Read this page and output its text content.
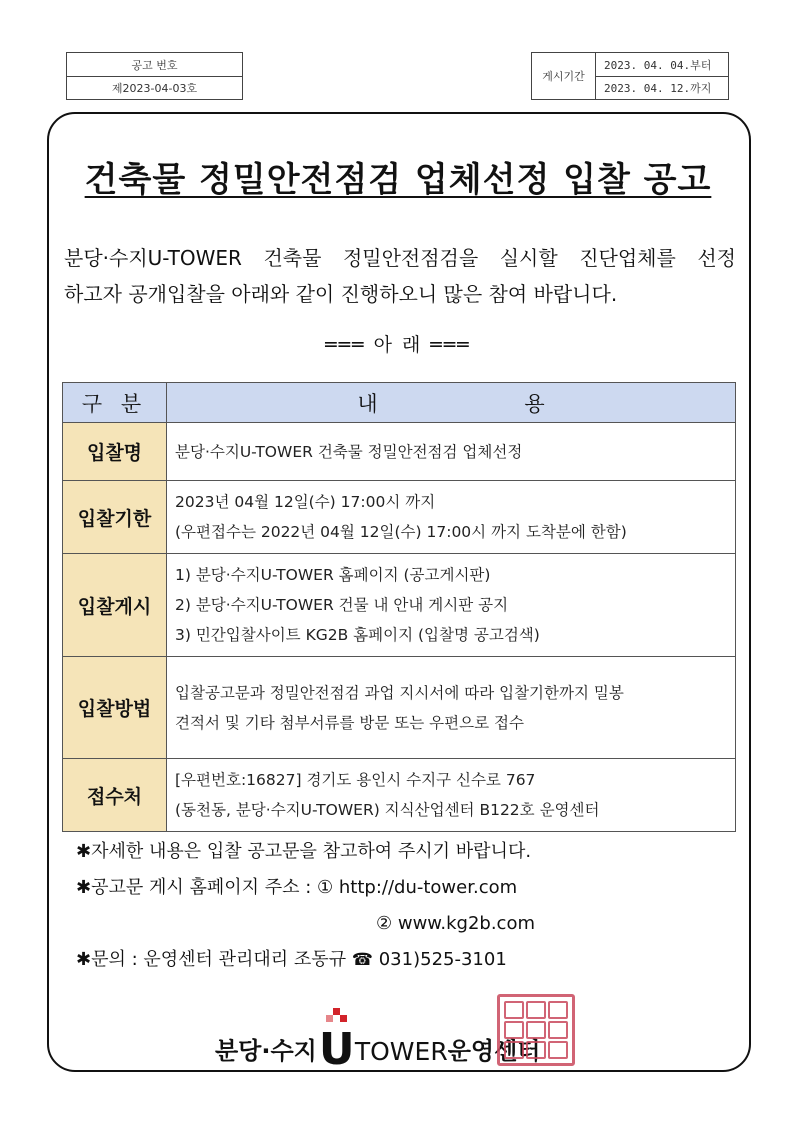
공고 번호
제2023-04-03호
게시기간
2023. 04. 04.부터
2023. 04. 12.까지
건축물 정밀안전점검 업체선정 입찰 공고

분당·수지U-TOWER 건축물 정밀안전점검을 실시할 진단업체를 선정
하고자 공개입찰을 아래와 같이 진행하오니 많은 참여 바랍니다.

═══ 아 래 ═══
구 분	내 용
입찰명	분당·수지U-TOWER 건축물 정밀안전점검 업체선정

입찰기한	2023년 04월 12일(수) 17:00시 까지
(우편접수는 2022년 04월 12일(수) 17:00시 까지 도착분에 한함)

입찰게시	1) 분당·수지U-TOWER 홈페이지 (공고게시판)
2) 분당·수지U-TOWER 건물 내 안내 게시판 공지
3) 민간입찰사이트 KG2B 홈페이지 (입찰명 공고검색)

입찰방법	입찰공고문과 정밀안전점검 과업 지시서에 따라 입찰기한까지 밀봉
견적서 및 기타 첨부서류를 방문 또는 우편으로 접수

접수처	[우편번호:16827] 경기도 용인시 수지구 신수로 767
(동천동, 분당·수지U-TOWER) 지식산업센터 B122호 운영센터
✱자세한 내용은 입찰 공고문을 참고하여 주시기 바랍니다.
✱공고문 게시 홈페이지 주소 : ① http://du-tower.com
② www.kg2b.com
✱문의 : 운영센터 관리대리 조동규 ☎ 031)525-3101
분당·수지 U TOWER 운영센터
